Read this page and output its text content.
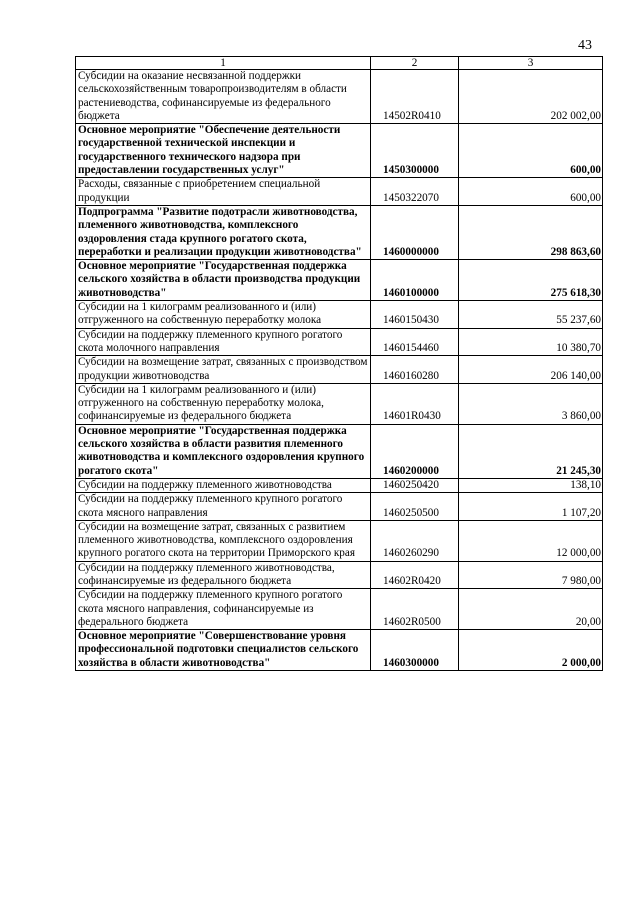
43
1	2	3
Субсидии на оказание несвязанной поддержки сельскохозяйственным товаропроизводителям в области растениеводства, софинансируемые из федерального бюджета	14502R0410	202 002,00
Основное мероприятие "Обеспечение деятельности государственной технической инспекции и государственного технического надзора при предоставлении государственных услуг"	1450300000	600,00
Расходы, связанные с приобретением специальной продукции	1450322070	600,00
Подпрограмма "Развитие подотрасли животноводства, племенного животноводства, комплексного оздоровления стада крупного рогатого скота, переработки и реализации продукции животноводства"	1460000000	298 863,60
Основное мероприятие "Государственная поддержка сельского хозяйства в области производства продукции животноводства"	1460100000	275 618,30
Субсидии на 1 килограмм реализованного и (или) отгруженного на собственную переработку молока	1460150430	55 237,60
Субсидии на поддержку племенного крупного рогатого скота молочного направления	1460154460	10 380,70
Субсидии на возмещение затрат, связанных с производством продукции животноводства	1460160280	206 140,00
Субсидии на 1 килограмм реализованного и (или) отгруженного на собственную переработку молока, софинансируемые из федерального бюджета	14601R0430	3 860,00
Основное мероприятие "Государственная поддержка сельского хозяйства в области развития племенного животноводства и комплексного оздоровления крупного рогатого скота"	1460200000	21 245,30
Субсидии на поддержку племенного животноводства	1460250420	138,10
Субсидии на поддержку племенного крупного рогатого скота мясного направления	1460250500	1 107,20
Субсидии на возмещение затрат, связанных с развитием племенного животноводства, комплексного оздоровления крупного рогатого скота на территории Приморского края	1460260290	12 000,00
Субсидии на поддержку племенного животноводства, софинансируемые из федерального бюджета	14602R0420	7 980,00
Субсидии на поддержку племенного крупного рогатого скота мясного направления, софинансируемые из федерального бюджета	14602R0500	20,00
Основное мероприятие "Совершенствование уровня профессиональной подготовки специалистов сельского хозяйства в области животноводства"	1460300000	2 000,00
